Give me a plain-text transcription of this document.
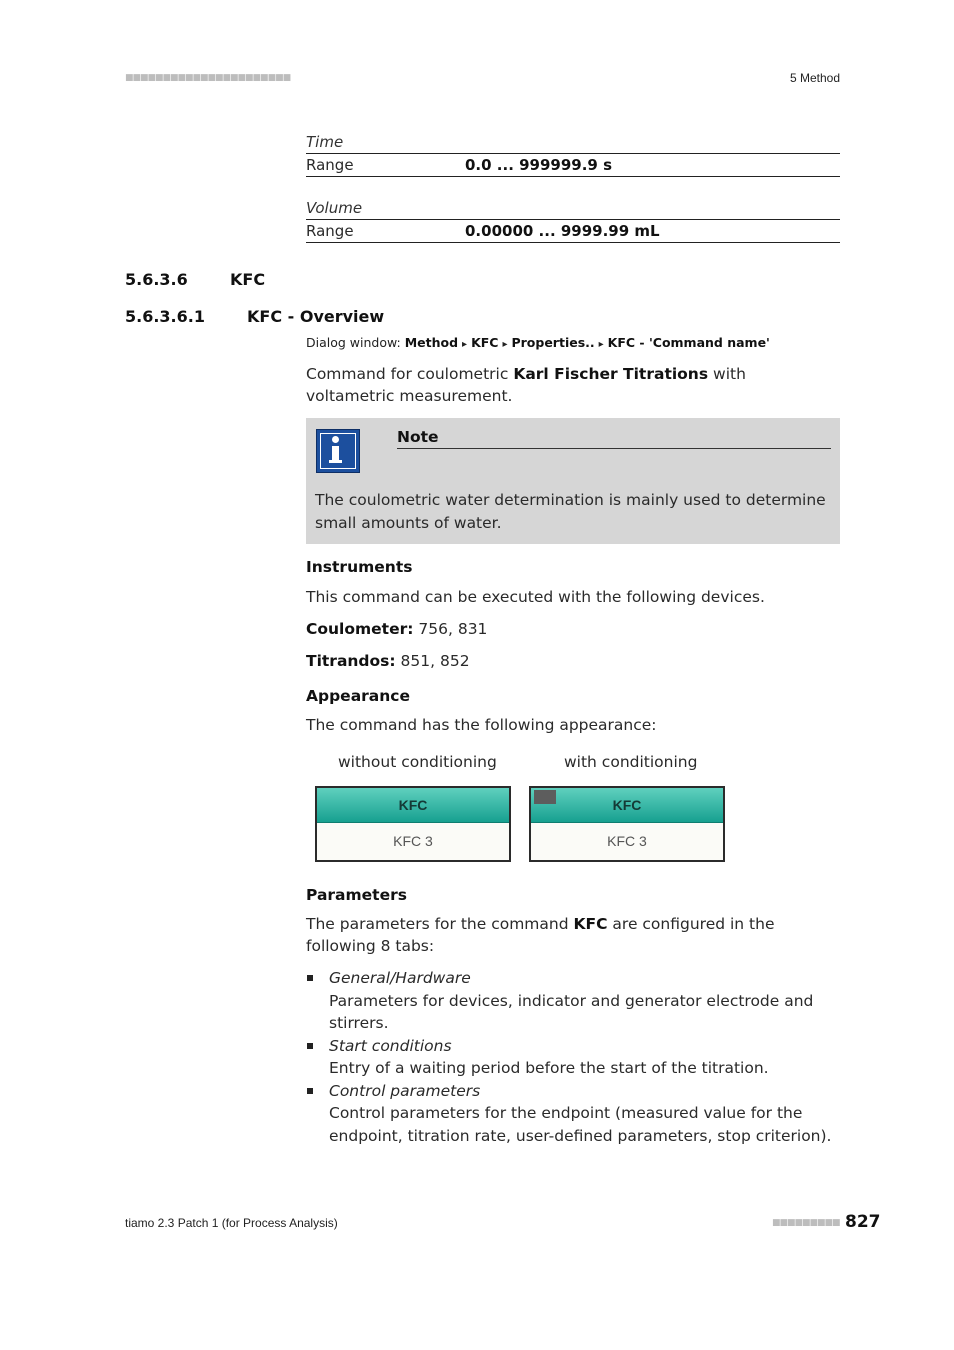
■■■■■■■■■■■■■■■■■■■■■■	5 Method
Time
Range	0.0 ... 999999.9 s
Volume
Range	0.00000 ... 9999.99 mL
5.6.3.6	KFC
5.6.3.6.1	KFC - Overview
Dialog window: Method ▸ KFC ▸ Properties.. ▸ KFC - 'Command name'
Command for coulometric Karl Fischer Titrations with voltametric measurement.
Note
The coulometric water determination is mainly used to determine small amounts of water.
Instruments
This command can be executed with the following devices.
Coulometer: 756, 831
Titrandos: 851, 852
Appearance
The command has the following appearance:
without conditioning	with conditioning
KFC
KFC 3
KFC
KFC 3
Parameters
The parameters for the command KFC are configured in the following 8 tabs:
General/Hardware
Parameters for devices, indicator and generator electrode and stirrers.
Start conditions
Entry of a waiting period before the start of the titration.
Control parameters
Control parameters for the endpoint (measured value for the endpoint, titration rate, user-defined parameters, stop criterion).
tiamo 2.3 Patch 1 (for Process Analysis)	■■■■■■■■■ 827
